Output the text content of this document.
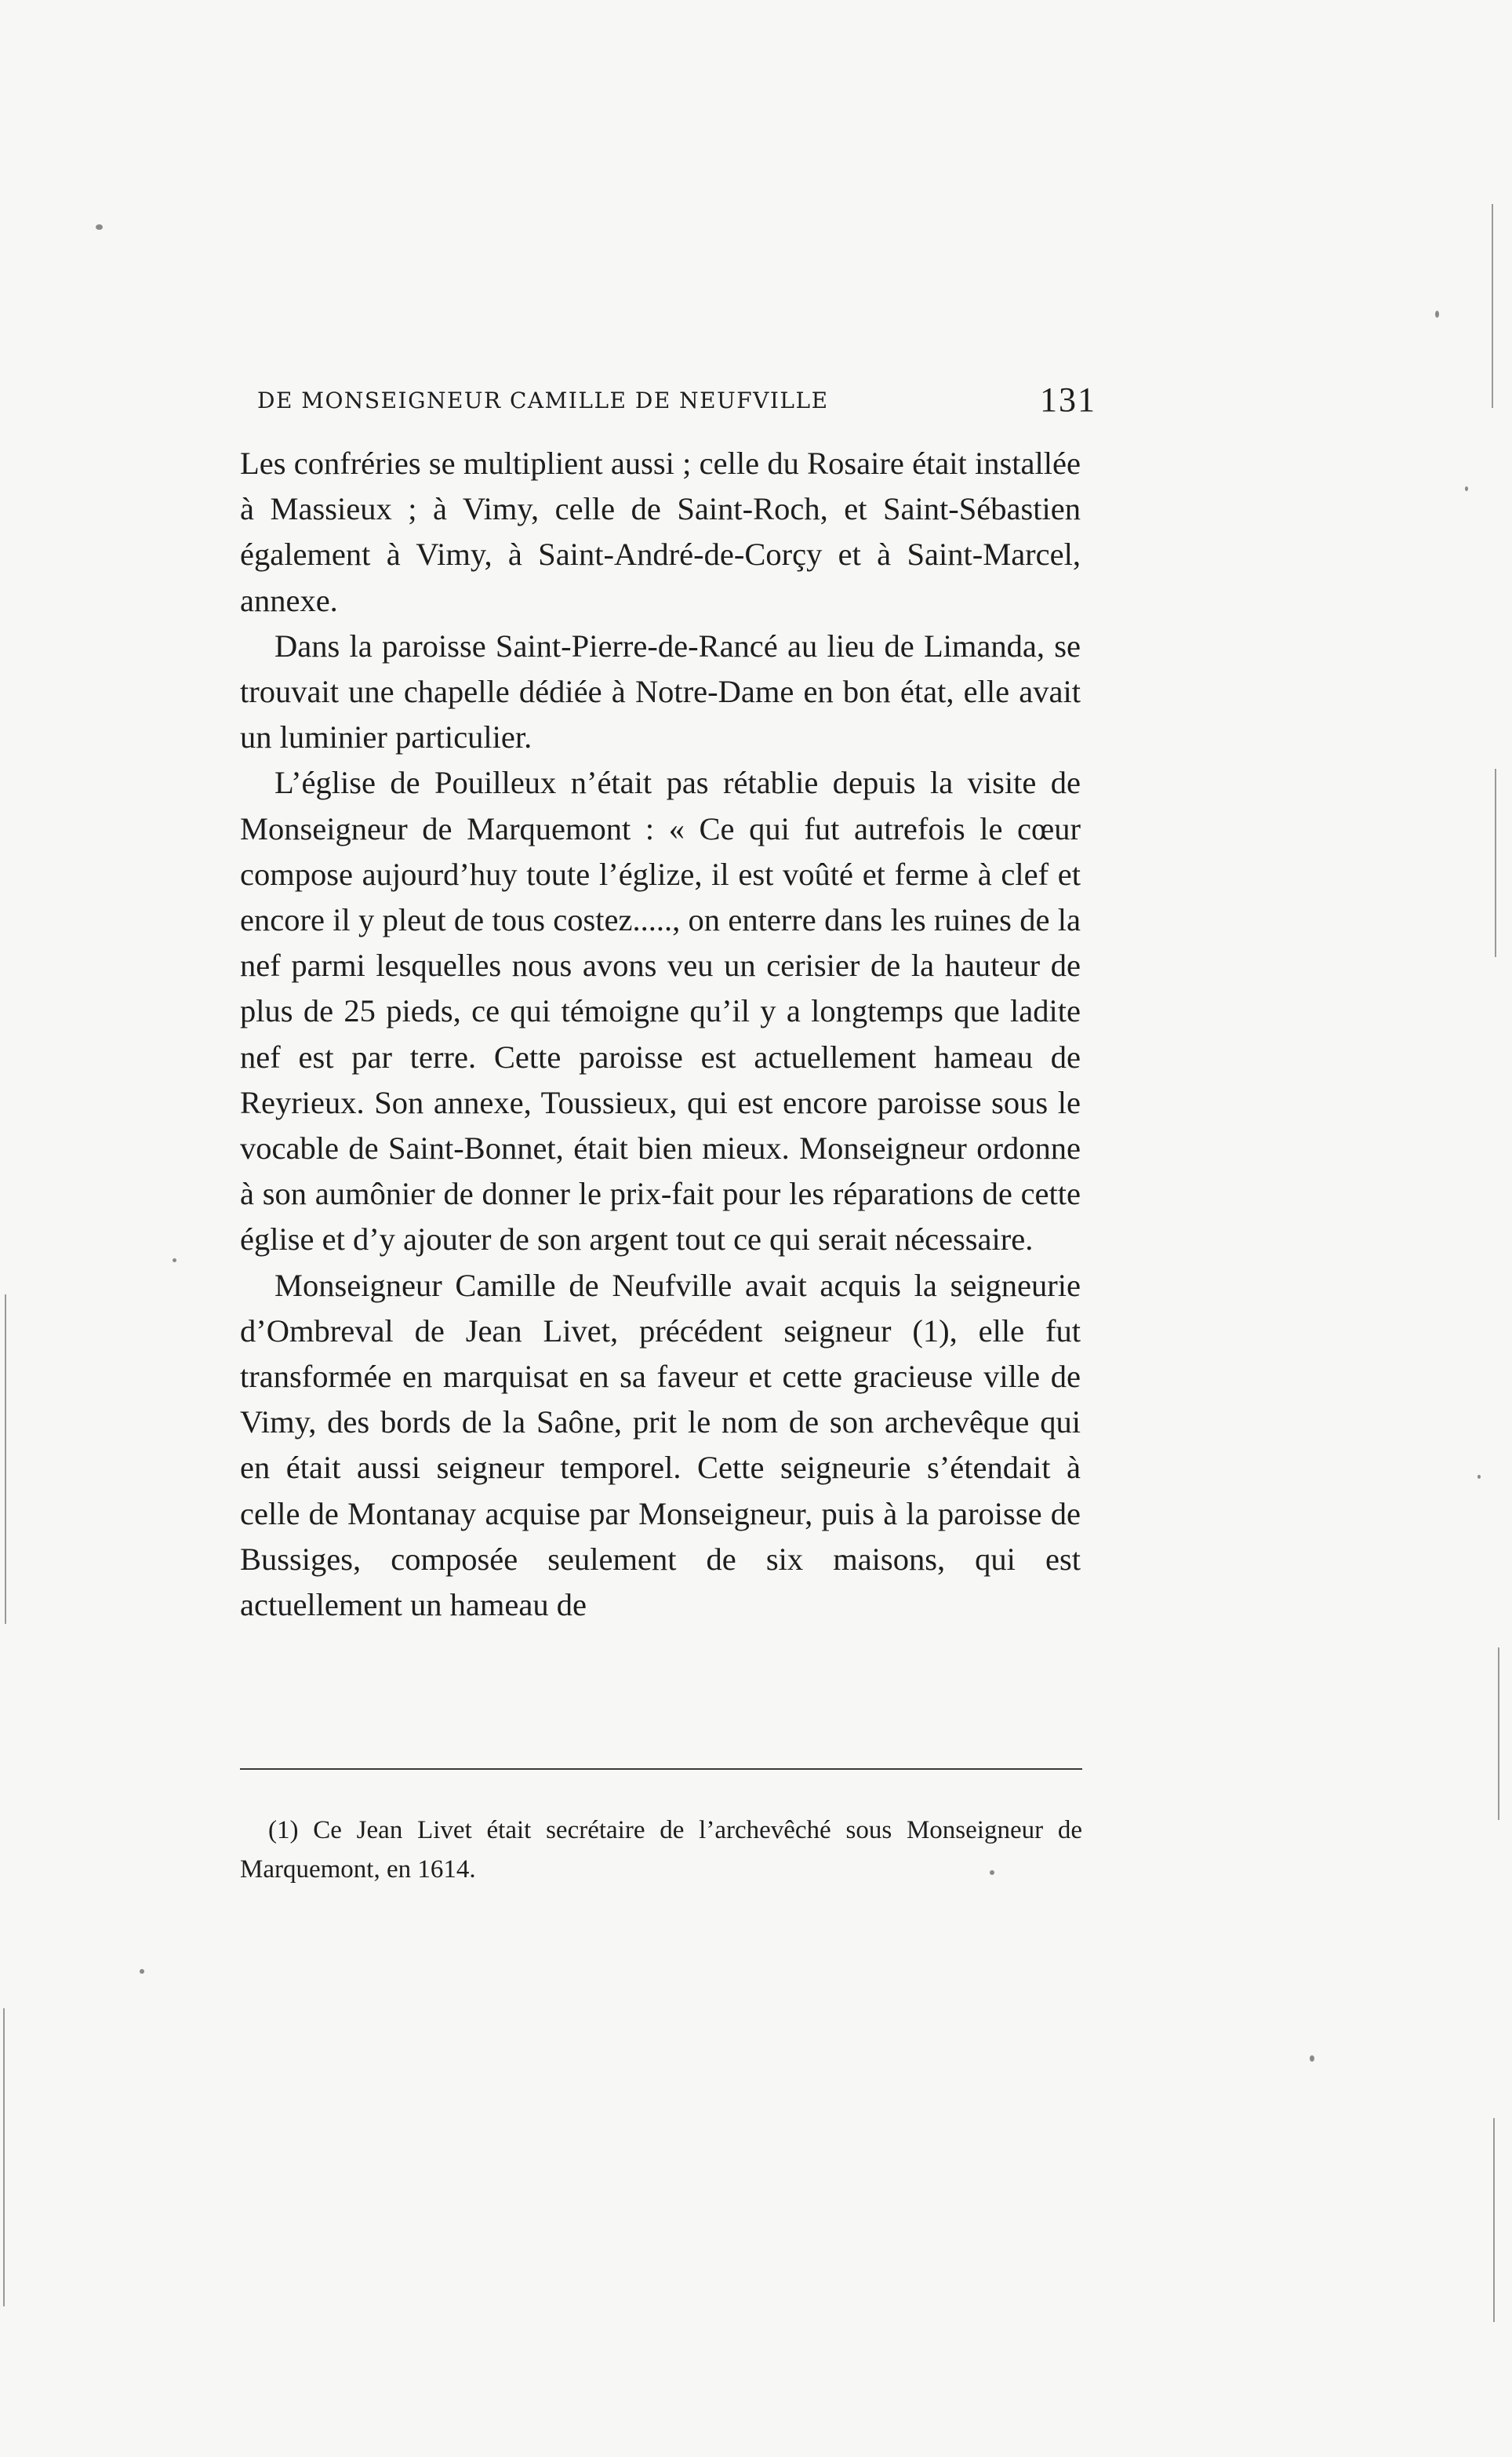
DE MONSEIGNEUR CAMILLE DE NEUFVILLE	131

Les confréries se multiplient aussi ; celle du Rosaire était installée à Massieux ; à Vimy, celle de Saint-Roch, et Saint-Sébastien également à Vimy, à Saint-André-de-Corçy et à Saint-Marcel, annexe.

Dans la paroisse Saint-Pierre-de-Rancé au lieu de Limanda, se trouvait une chapelle dédiée à Notre-Dame en bon état, elle avait un luminier particulier.

L’église de Pouilleux n’était pas rétablie depuis la visite de Monseigneur de Marquemont : « Ce qui fut autrefois le cœur compose aujourd’huy toute l’églize, il est voûté et ferme à clef et encore il y pleut de tous costez....., on enterre dans les ruines de la nef parmi lesquelles nous avons veu un cerisier de la hauteur de plus de 25 pieds, ce qui témoigne qu’il y a longtemps que ladite nef est par terre. Cette paroisse est actuellement hameau de Reyrieux. Son annexe, Toussieux, qui est encore paroisse sous le vocable de Saint-Bonnet, était bien mieux. Monseigneur ordonne à son aumônier de donner le prix-fait pour les réparations de cette église et d’y ajouter de son argent tout ce qui serait nécessaire.

Monseigneur Camille de Neufville avait acquis la seigneurie d’Ombreval de Jean Livet, précédent seigneur (1), elle fut transformée en marquisat en sa faveur et cette gracieuse ville de Vimy, des bords de la Saône, prit le nom de son archevêque qui en était aussi seigneur temporel. Cette seigneurie s’étendait à celle de Montanay acquise par Monseigneur, puis à la paroisse de Bussiges, composée seulement de six maisons, qui est actuellement un hameau de

(1) Ce Jean Livet était secrétaire de l’archevêché sous Monseigneur de Marquemont, en 1614.
